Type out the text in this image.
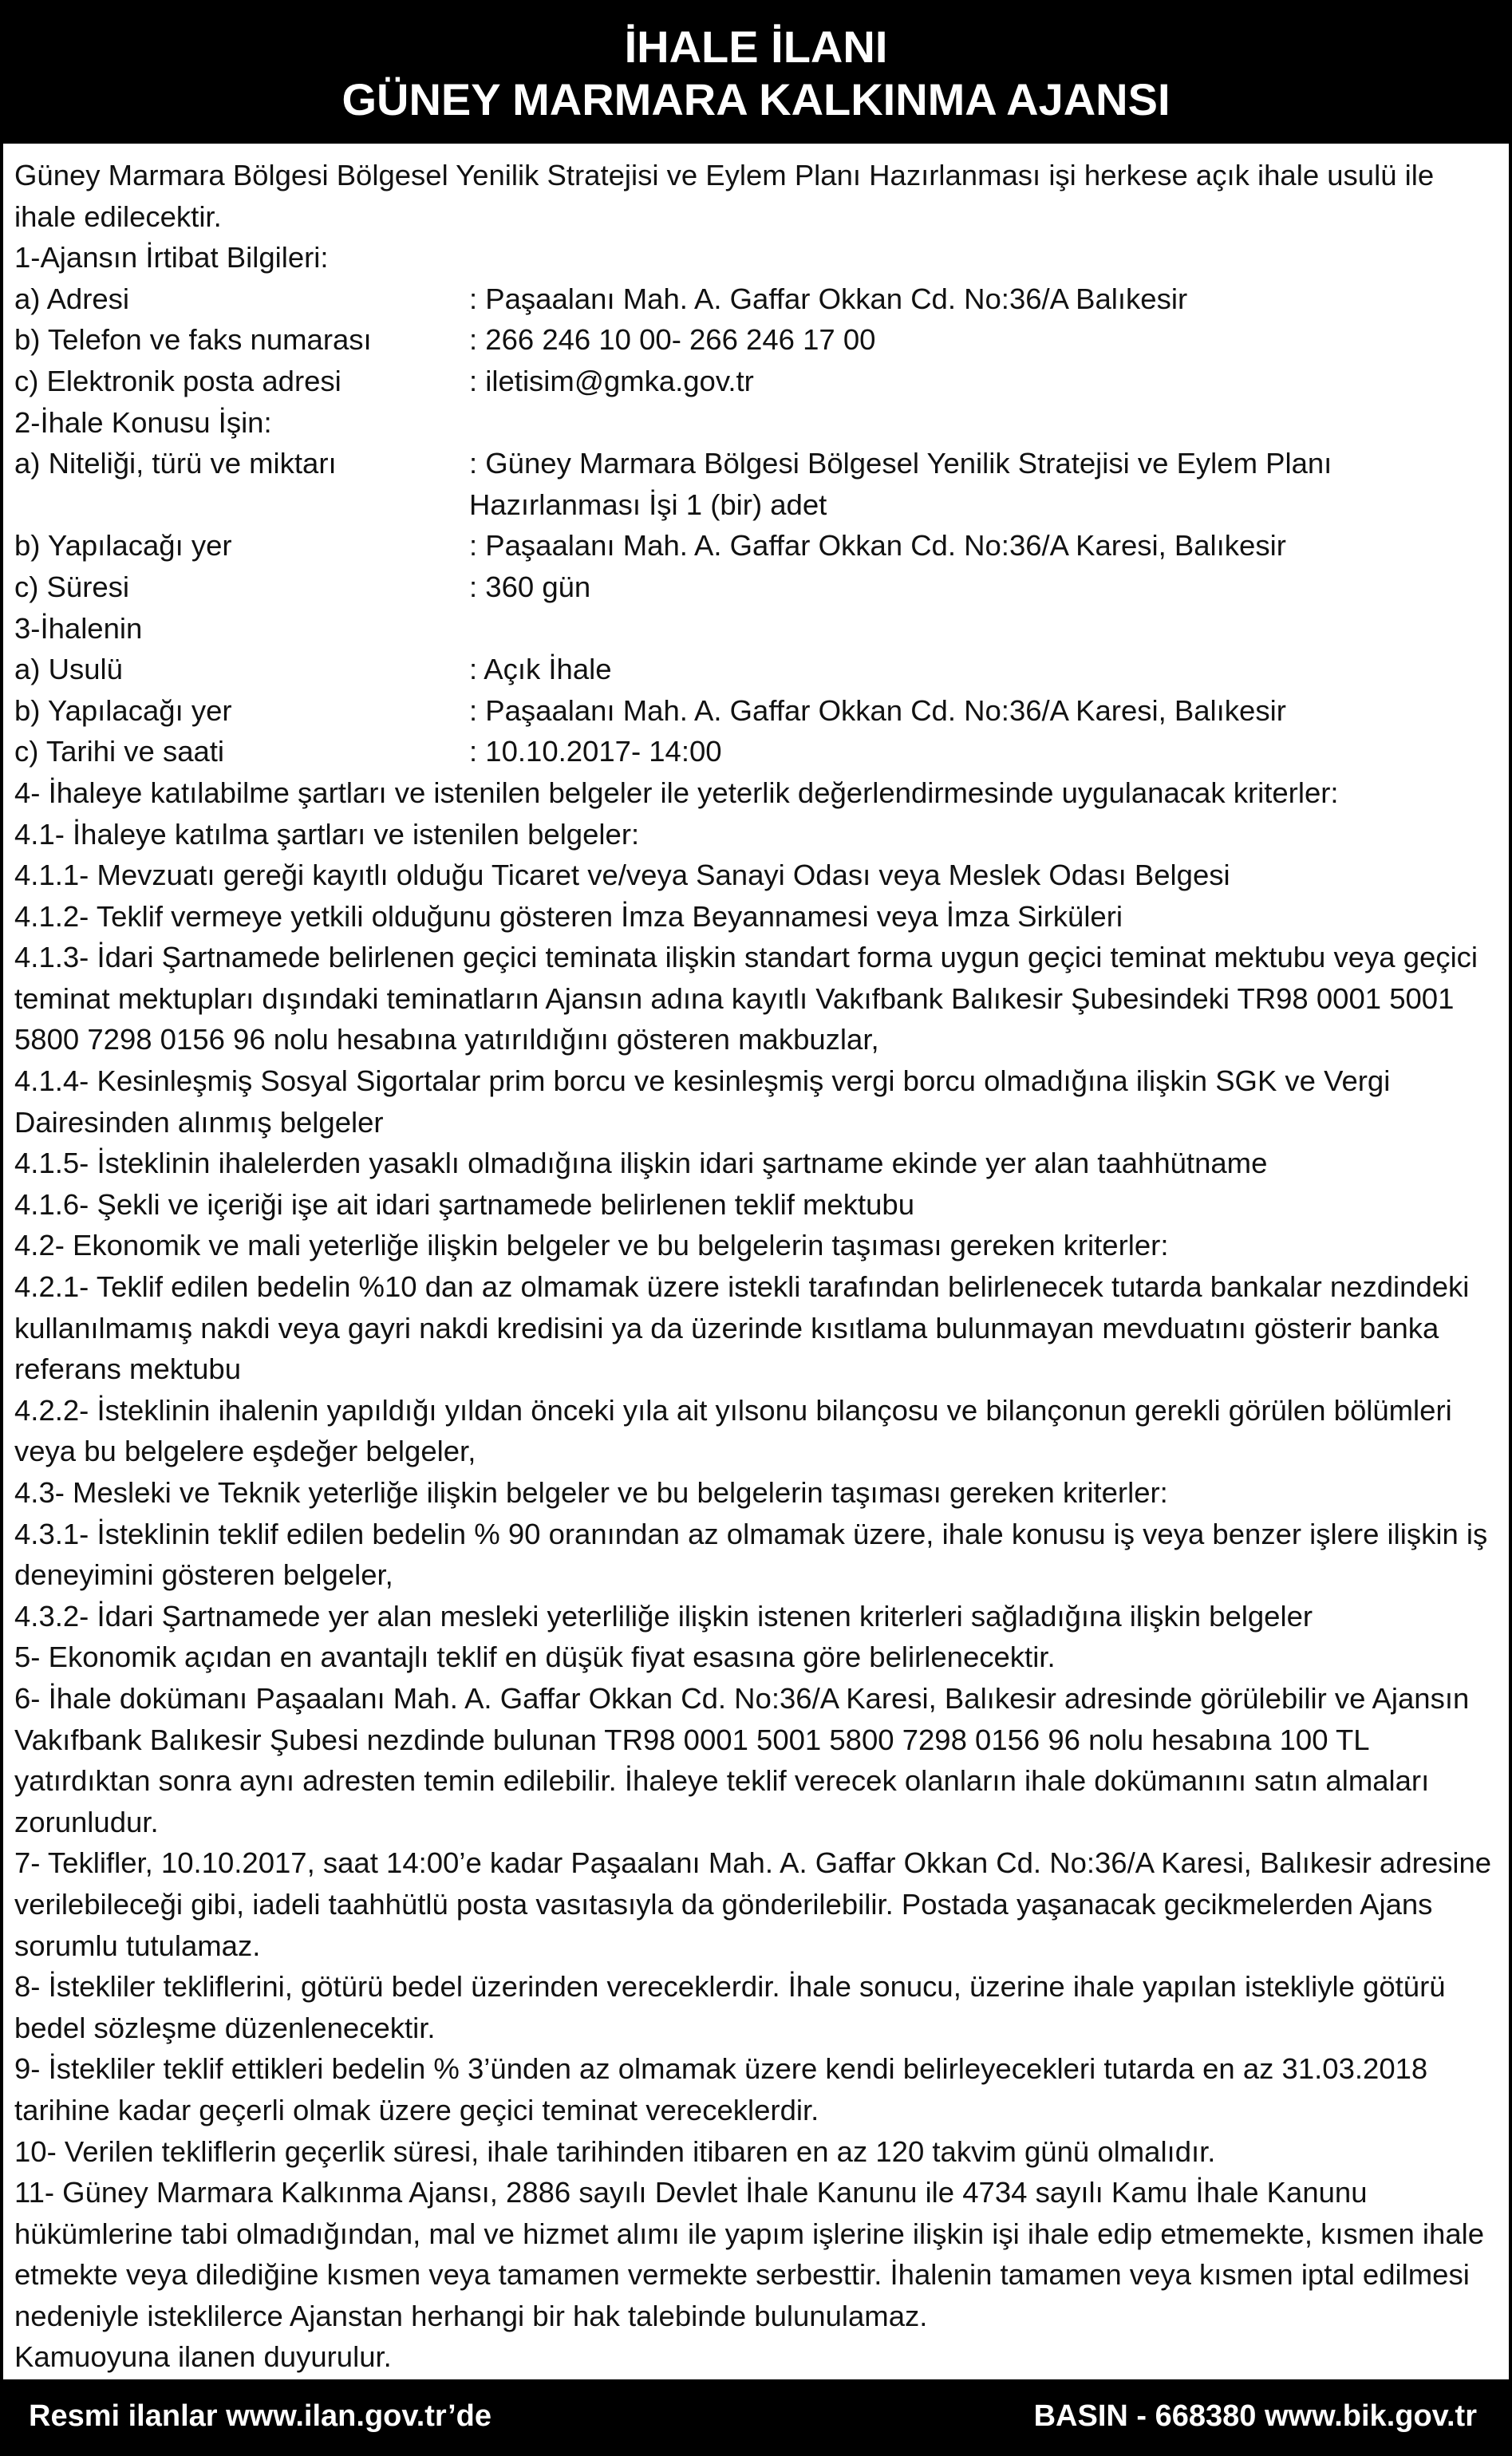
İHALE İLANI
GÜNEY MARMARA KALKINMA AJANSI

Güney Marmara Bölgesi Bölgesel Yenilik Stratejisi ve Eylem Planı Hazırlanması işi herkese açık ihale usulü ile ihale edilecektir.

1-Ajansın İrtibat Bilgileri:

a) Adresi	: Paşaalanı Mah. A. Gaffar Okkan Cd. No:36/A Balıkesir
b) Telefon ve faks numarası	: 266 246 10 00- 266 246 17 00
c) Elektronik posta adresi	: iletisim@gmka.gov.tr

2-İhale Konusu İşin:

a) Niteliği, türü ve miktarı	: Güney Marmara Bölgesi Bölgesel Yenilik Stratejisi ve Eylem Planı Hazırlanması İşi 1 (bir) adet
b) Yapılacağı yer	: Paşaalanı Mah. A. Gaffar Okkan Cd. No:36/A Karesi, Balıkesir
c) Süresi	: 360 gün

3-İhalenin

a) Usulü	: Açık İhale
b) Yapılacağı yer	: Paşaalanı Mah. A. Gaffar Okkan Cd. No:36/A Karesi, Balıkesir
c) Tarihi ve saati	: 10.10.2017- 14:00

4- İhaleye katılabilme şartları ve istenilen belgeler ile yeterlik değerlendirmesinde uygulanacak kriterler:

4.1- İhaleye katılma şartları ve istenilen belgeler:

4.1.1- Mevzuatı gereği kayıtlı olduğu Ticaret ve/veya Sanayi Odası veya Meslek Odası Belgesi

4.1.2- Teklif vermeye yetkili olduğunu gösteren İmza Beyannamesi veya İmza Sirküleri

4.1.3- İdari Şartnamede belirlenen geçici teminata ilişkin standart forma uygun geçici teminat mektubu veya geçici teminat mektupları dışındaki teminatların Ajansın adına kayıtlı Vakıfbank Balıkesir Şubesindeki TR98 0001 5001 5800 7298 0156 96 nolu hesabına yatırıldığını gösteren makbuzlar,

4.1.4- Kesinleşmiş Sosyal Sigortalar prim borcu ve kesinleşmiş vergi borcu olmadığına ilişkin SGK ve Vergi Dairesinden alınmış belgeler

4.1.5- İsteklinin ihalelerden yasaklı olmadığına ilişkin idari şartname ekinde yer alan taahhütname

4.1.6- Şekli ve içeriği işe ait idari şartnamede belirlenen teklif mektubu

4.2- Ekonomik ve mali yeterliğe ilişkin belgeler ve bu belgelerin taşıması gereken kriterler:

4.2.1- Teklif edilen bedelin %10 dan az olmamak üzere istekli tarafından belirlenecek tutarda bankalar nezdindeki kullanılmamış nakdi veya gayri nakdi kredisini ya da üzerinde kısıtlama bulunmayan mevduatını gösterir banka referans mektubu

4.2.2- İsteklinin ihalenin yapıldığı yıldan önceki yıla ait yılsonu bilançosu ve bilançonun gerekli görülen bölümleri veya bu belgelere eşdeğer belgeler,

4.3- Mesleki ve Teknik yeterliğe ilişkin belgeler ve bu belgelerin taşıması gereken kriterler:

4.3.1- İsteklinin teklif edilen bedelin % 90 oranından az olmamak üzere, ihale konusu iş veya benzer işlere ilişkin iş deneyimini gösteren belgeler,

4.3.2- İdari Şartnamede yer alan mesleki yeterliliğe ilişkin istenen kriterleri sağladığına ilişkin belgeler

5- Ekonomik açıdan en avantajlı teklif en düşük fiyat esasına göre belirlenecektir.

6- İhale dokümanı Paşaalanı Mah. A. Gaffar Okkan Cd. No:36/A Karesi, Balıkesir adresinde görülebilir ve Ajansın Vakıfbank Balıkesir Şubesi nezdinde bulunan TR98 0001 5001 5800 7298 0156 96 nolu hesabına 100 TL yatırdıktan sonra aynı adresten temin edilebilir. İhaleye teklif verecek olanların ihale dokümanını satın almaları zorunludur.

7- Teklifler, 10.10.2017, saat 14:00’e kadar Paşaalanı Mah. A. Gaffar Okkan Cd. No:36/A Karesi, Balıkesir adresine verilebileceği gibi, iadeli taahhütlü posta vasıtasıyla da gönderilebilir. Postada yaşanacak gecikmelerden Ajans sorumlu tutulamaz.

8- İstekliler tekliflerini, götürü bedel üzerinden vereceklerdir. İhale sonucu, üzerine ihale yapılan istekliyle götürü bedel sözleşme düzenlenecektir.

9- İstekliler teklif ettikleri bedelin % 3’ünden az olmamak üzere kendi belirleyecekleri tutarda en az 31.03.2018 tarihine kadar geçerli olmak üzere geçici teminat vereceklerdir.

10- Verilen tekliflerin geçerlik süresi, ihale tarihinden itibaren en az 120 takvim günü olmalıdır.

11- Güney Marmara Kalkınma Ajansı, 2886 sayılı Devlet İhale Kanunu ile 4734 sayılı Kamu İhale Kanunu hükümlerine tabi olmadığından, mal ve hizmet alımı ile yapım işlerine ilişkin işi ihale edip etmemekte, kısmen ihale etmekte veya dilediğine kısmen veya tamamen vermekte serbesttir. İhalenin tamamen veya kısmen iptal edilmesi nedeniyle isteklilerce Ajanstan herhangi bir hak talebinde bulunulamaz.

Kamuoyuna ilanen duyurulur.

Resmi ilanlar www.ilan.gov.tr’de	BASIN - 668380 www.bik.gov.tr
